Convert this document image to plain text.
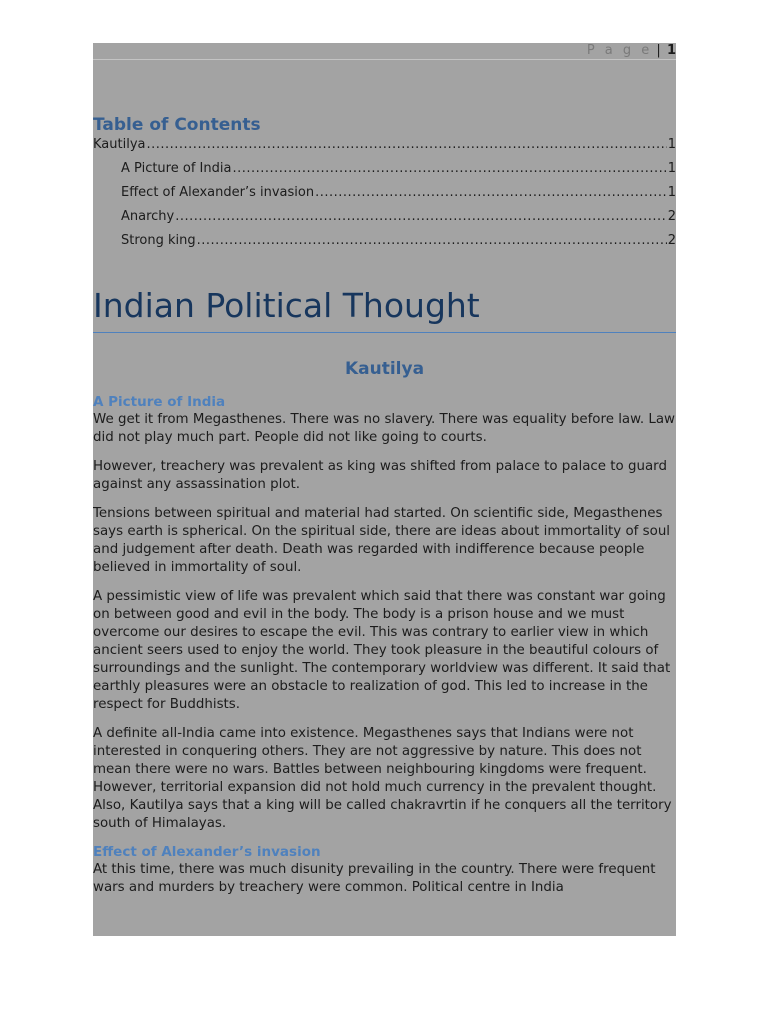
P a g e | 1
Table of Contents
Kautilya .....	1
A Picture of India .....	1
Effect of Alexander’s invasion .....	1
Anarchy .....	2
Strong king .....	2
Indian Political Thought
Kautilya
A Picture of India

We get it from Megasthenes. There was no slavery. There was equality before law. Law did not play much part. People did not like going to courts.

However, treachery was prevalent as king was shifted from palace to palace to guard against any assassination plot.

Tensions between spiritual and material had started. On scientific side, Megasthenes says earth is spherical. On the spiritual side, there are ideas about immortality of soul and judgement after death. Death was regarded with indifference because people believed in immortality of soul.

A pessimistic view of life was prevalent which said that there was constant war going on between good and evil in the body. The body is a prison house and we must overcome our desires to escape the evil. This was contrary to earlier view in which ancient seers used to enjoy the world. They took pleasure in the beautiful colours of surroundings and the sunlight. The contemporary worldview was different. It said that earthly pleasures were an obstacle to realization of god. This led to increase in the respect for Buddhists.

A definite all-India came into existence. Megasthenes says that Indians were not interested in conquering others. They are not aggressive by nature. This does not mean there were no wars. Battles between neighbouring kingdoms were frequent. However, territorial expansion did not hold much currency in the prevalent thought. Also, Kautilya says that a king will be called chakravrtin if he conquers all the territory south of Himalayas.

Effect of Alexander’s invasion

At this time, there was much disunity prevailing in the country. There were frequent wars and murders by treachery were common. Political centre in India
